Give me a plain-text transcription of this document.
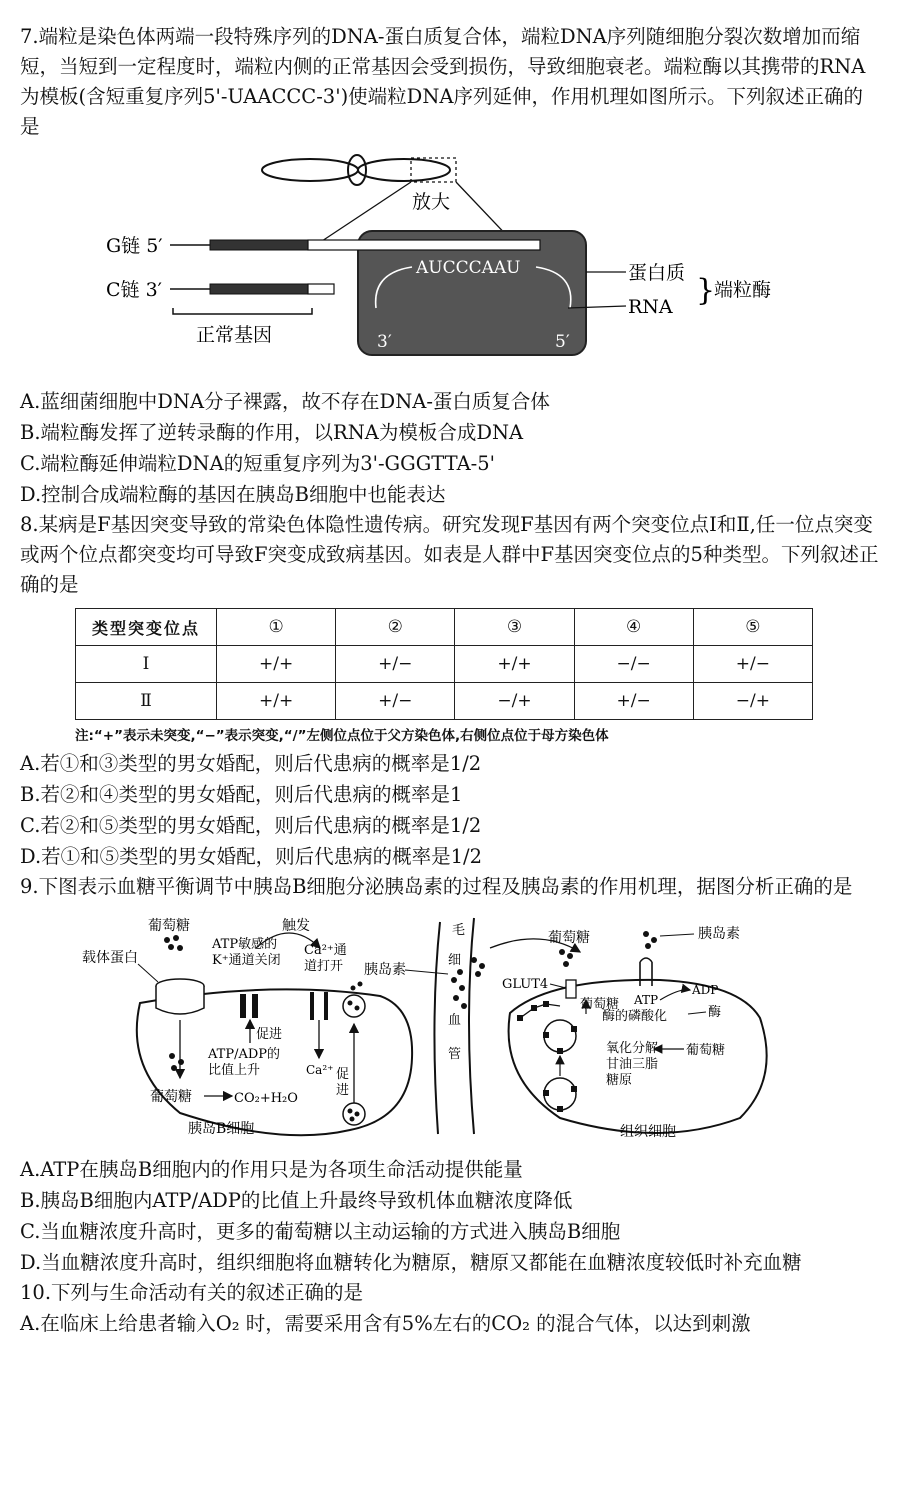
7.端粒是染色体两端一段特殊序列的DNA-蛋白质复合体，端粒DNA序列随细胞分裂次数增加而缩短，当短到一定程度时，端粒内侧的正常基因会受到损伤，导致细胞衰老。端粒酶以其携带的RNA为模板(含短重复序列5'-UAACCC-3')使端粒DNA序列延伸，作用机理如图所示。下列叙述正确的是

放大
G链 5′
C链 3′
正常基因
AUCCCAAU
3′	5′
蛋白质
RNA }
端粒酶

A.蓝细菌细胞中DNA分子裸露，故不存在DNA-蛋白质复合体

B.端粒酶发挥了逆转录酶的作用，以RNA为模板合成DNA

C.端粒酶延伸端粒DNA的短重复序列为3'-GGGTTA-5'

D.控制合成端粒酶的基因在胰岛B细胞中也能表达

8.某病是F基因突变导致的常染色体隐性遗传病。研究发现F基因有两个突变位点Ⅰ和Ⅱ,任一位点突变或两个位点都突变均可导致F突变成致病基因。如表是人群中F基因突变位点的5种类型。下列叙述正确的是

类型突变位点	①	②	③	④	⑤
Ⅰ	+/+	+/−	+/+	−/−	+/−
Ⅱ	+/+	+/−	−/+	+/−	−/+
注:“+”表示未突变,“−”表示突变,“/”左侧位点位于父方染色体,右侧位点位于母方染色体

A.若①和③类型的男女婚配，则后代患病的概率是1/2

B.若②和④类型的男女婚配，则后代患病的概率是1

C.若②和⑤类型的男女婚配，则后代患病的概率是1/2

D.若①和⑤类型的男女婚配，则后代患病的概率是1/2

9.下图表示血糖平衡调节中胰岛B细胞分泌胰岛素的过程及胰岛素的作用机理，据图分析正确的是

葡萄糖
载体蛋白
葡萄糖	CO₂+H₂O
胰岛B细胞
ATP/ADP的
比值上升
促进
ATP敏感的
K⁺通道关闭
触发
Ca²⁺通
道打开
Ca²⁺ 促
进
胰岛素
毛
细
血
管
组织细胞
葡萄糖
GLUT4
葡萄糖
胰岛素
ATP
ADP
酶
酶的磷酸化
葡萄糖
氧化分解
甘油三脂
糖原

A.ATP在胰岛B细胞内的作用只是为各项生命活动提供能量

B.胰岛B细胞内ATP/ADP的比值上升最终导致机体血糖浓度降低

C.当血糖浓度升高时，更多的葡萄糖以主动运输的方式进入胰岛B细胞

D.当血糖浓度升高时，组织细胞将血糖转化为糖原，糖原又都能在血糖浓度较低时补充血糖

10.下列与生命活动有关的叙述正确的是

A.在临床上给患者输入O₂ 时，需要采用含有5%左右的CO₂ 的混合气体，以达到刺激
